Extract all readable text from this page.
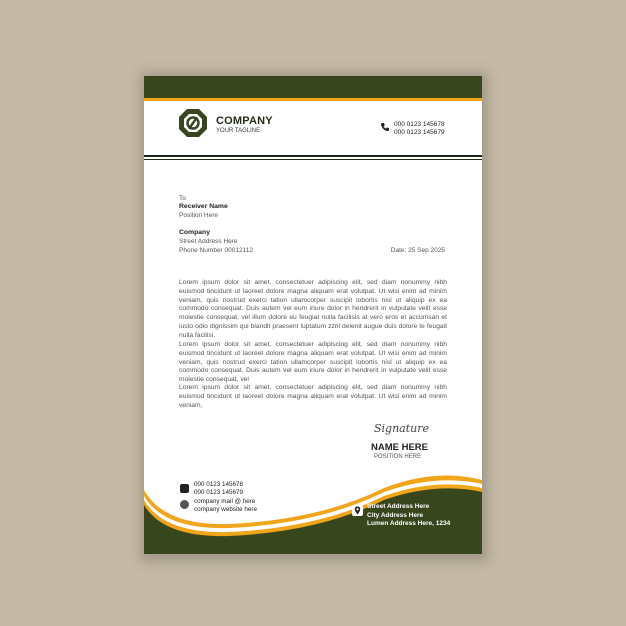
COMPANY
YOUR TAGLINE
000 0123 145678
000 0123 145679
To
Receiver Name
Position Here
Company
Street Address Here
Phone Number 00012112	Date: 25 Sep 2025

Lorem ipsum dolor sit amet, consectetuer adipiscing elit, sed diam nonummy nibh euismod tincidunt ut laoreet dolore magna aliquam erat volutpat. Ut wisi enim ad minim veniam, quis nostrud exerci tation ullamcorper suscipit lobortis nisl ut aliquip ex ea commodo consequat. Duis autem vel eum iriure dolor in hendrerit in vulputate velit esse molestie consequat, vel illum dolore eu feugiat nulla facilisis at vero eros et accumsan et iusto odio dignissim qui blandit praesent luptatum zzril delenit augue duis dolore te feugait nulla facilisi.

Lorem ipsum dolor sit amet, consectetuer adipiscing elit, sed diam nonummy nibh euismod tincidunt ut laoreet dolore magna aliquam erat volutpat. Ut wisi enim ad minim veniam, quis nostrud exerci tation ullamcorper suscipit lobortis nisl ut aliquip ex ea commodo consequat. Duis autem vel eum iriure dolor in hendrerit in vulputate velit esse molestie consequat, vel

Lorem ipsum dolor sit amet, consectetuer adipiscing elit, sed diam nonummy nibh euismod tincidunt ut laoreet dolore magna aliquam erat volutpat. Ut wisi enim ad minim veniam,

Signature
NAME HERE
POSITION HERE
000 0123 145678
000 0123 145679
company mail @ here
company website here	Street Address Here
City Address Here
Lumen Address Here, 1234
